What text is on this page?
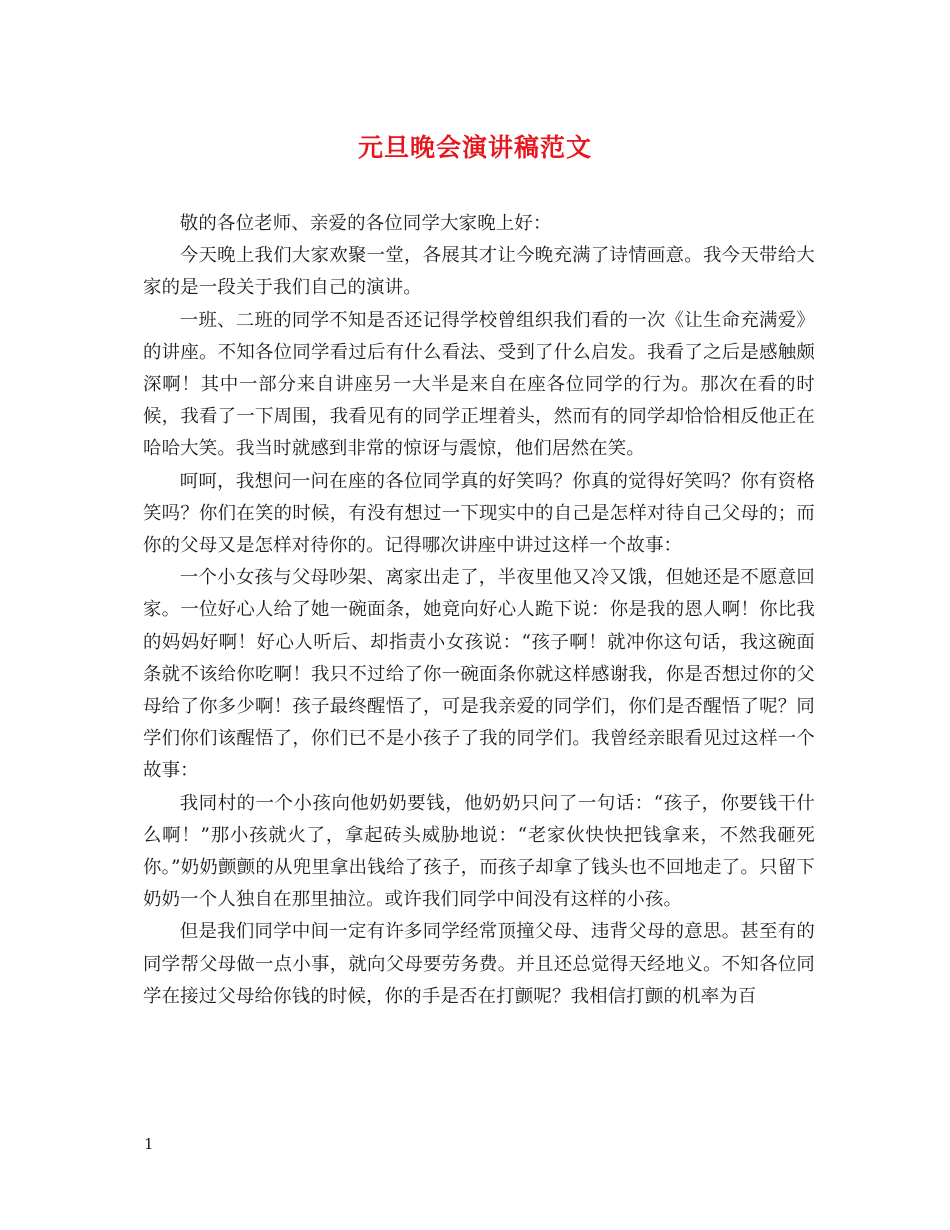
元旦晚会演讲稿范文

敬的各位老师、亲爱的各位同学大家晚上好：

今天晚上我们大家欢聚一堂，各展其才让今晚充满了诗情画意。我今天带给大家的是一段关于我们自己的演讲。

一班、二班的同学不知是否还记得学校曾组织我们看的一次《让生命充满爱》的讲座。不知各位同学看过后有什么看法、受到了什么启发。我看了之后是感触颇深啊！其中一部分来自讲座另一大半是来自在座各位同学的行为。那次在看的时候，我看了一下周围，我看见有的同学正埋着头，然而有的同学却恰恰相反他正在哈哈大笑。我当时就感到非常的惊讶与震惊，他们居然在笑。

呵呵，我想问一问在座的各位同学真的好笑吗？你真的觉得好笑吗？你有资格笑吗？你们在笑的时候，有没有想过一下现实中的自己是怎样对待自己父母的；而你的父母又是怎样对待你的。记得哪次讲座中讲过这样一个故事：

一个小女孩与父母吵架、离家出走了，半夜里他又冷又饿，但她还是不愿意回家。一位好心人给了她一碗面条，她竟向好心人跪下说：你是我的恩人啊！你比我的妈妈好啊！好心人听后、却指责小女孩说：“孩子啊！就冲你这句话，我这碗面条就不该给你吃啊！我只不过给了你一碗面条你就这样感谢我，你是否想过你的父母给了你多少啊！孩子最终醒悟了，可是我亲爱的同学们，你们是否醒悟了呢？同学们你们该醒悟了，你们已不是小孩子了我的同学们。我曾经亲眼看见过这样一个 故事：

我同村的一个小孩向他奶奶要钱，他奶奶只问了一句话：“孩子，你要钱干什么啊！”那小孩就火了，拿起砖头威胁地说：“老家伙快快把钱拿来，不然我砸死你。”奶奶颤颤的从兜里拿出钱给了孩子，而孩子却拿了钱头也不回地走了。只留下奶奶一个人独自在那里抽泣。或许我们同学中间没有这样的小孩。

但是我们同学中间一定有许多同学经常顶撞父母、违背父母的意思。甚至有的同学帮父母做一点小事，就向父母要劳务费。并且还总觉得天经地义。不知各位同学在接过父母给你钱的时候，你的手是否在打颤呢？我相信打颤的机率为百

1
